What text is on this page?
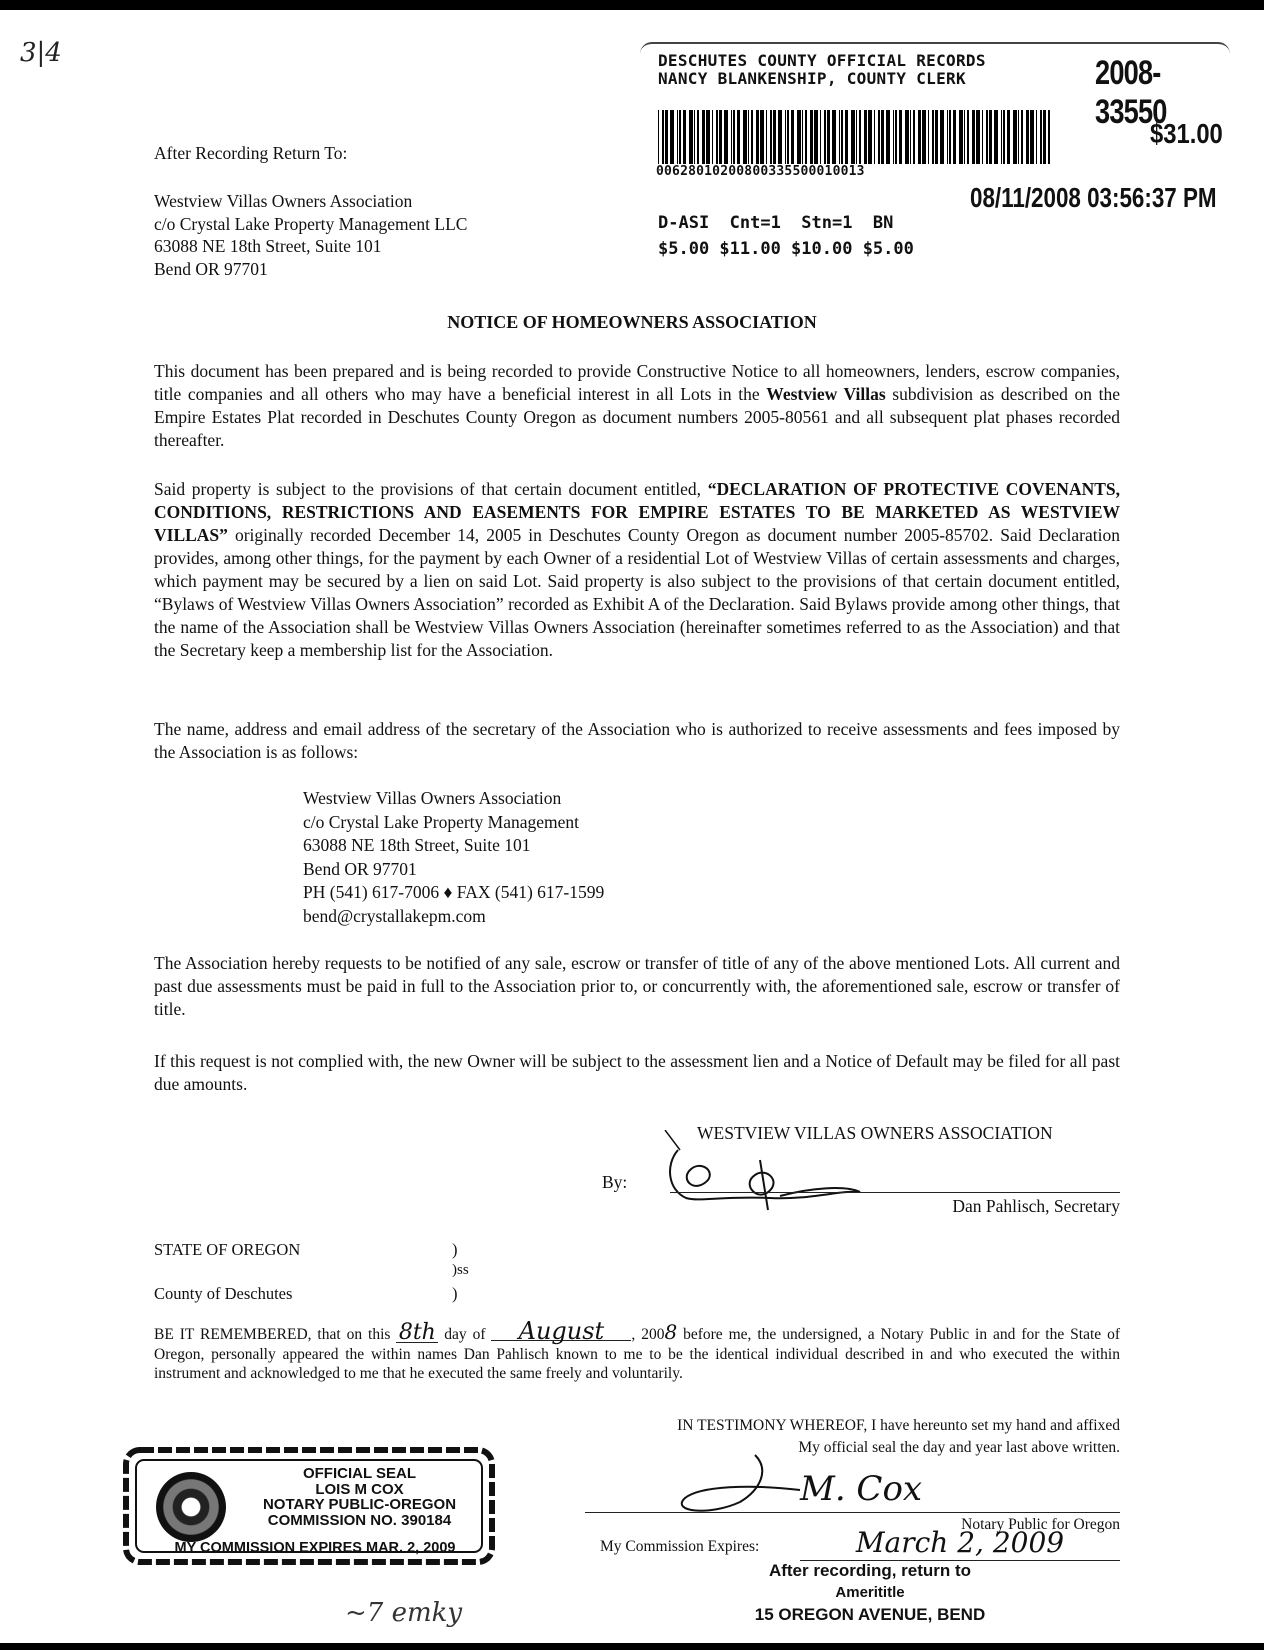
3|4	DESCHUTES COUNTY OFFICIAL RECORDS
NANCY BLANKENSHIP, COUNTY CLERK	2008-33550
00628010200800335500010013
$31.00
08/11/2008 03:56:37 PM
D-ASI  Cnt=1  Stn=1  BN
$5.00 $11.00 $10.00 $5.00
After Recording Return To:
Westview Villas Owners Association
c/o Crystal Lake Property Management LLC
63088 NE 18th Street, Suite 101
Bend OR 97701
NOTICE OF HOMEOWNERS ASSOCIATION
This document has been prepared and is being recorded to provide Constructive Notice to all homeowners, lenders, escrow companies, title companies and all others who may have a beneficial interest in all Lots in the Westview Villas subdivision as described on the Empire Estates Plat recorded in Deschutes County Oregon as document numbers 2005-80561 and all subsequent plat phases recorded thereafter.
Said property is subject to the provisions of that certain document entitled, “DECLARATION OF PROTECTIVE COVENANTS, CONDITIONS, RESTRICTIONS AND EASEMENTS FOR EMPIRE ESTATES TO BE MARKETED AS WESTVIEW VILLAS” originally recorded December 14, 2005 in Deschutes County Oregon as document number 2005-85702. Said Declaration provides, among other things, for the payment by each Owner of a residential Lot of Westview Villas of certain assessments and charges, which payment may be secured by a lien on said Lot. Said property is also subject to the provisions of that certain document entitled, “Bylaws of Westview Villas Owners Association” recorded as Exhibit A of the Declaration. Said Bylaws provide among other things, that the name of the Association shall be Westview Villas Owners Association (hereinafter sometimes referred to as the Association) and that the Secretary keep a membership list for the Association.
The name, address and email address of the secretary of the Association who is authorized to receive assessments and fees imposed by the Association is as follows:
Westview Villas Owners Association
c/o Crystal Lake Property Management
63088 NE 18th Street, Suite 101
Bend OR 97701
PH (541) 617-7006 ♦ FAX (541) 617-1599
bend@crystallakepm.com
The Association hereby requests to be notified of any sale, escrow or transfer of title of any of the above mentioned Lots. All current and past due assessments must be paid in full to the Association prior to, or concurrently with, the aforementioned sale, escrow or transfer of title.
If this request is not complied with, the new Owner will be subject to the assessment lien and a Notice of Default may be filed for all past due amounts.
WESTVIEW VILLAS OWNERS ASSOCIATION
By:
Dan Pahlisch, Secretary
STATE OF OREGON
County of Deschutes
)
)ss
)
BE IT REMEMBERED, that on this 8th day of August , 2008 before me, the undersigned, a Notary Public in and for the State of Oregon, personally appeared the within names Dan Pahlisch known to me to be the identical individual described in and who executed the within instrument and acknowledged to me that he executed the same freely and voluntarily.
IN TESTIMONY WHEREOF, I have hereunto set my hand and affixed
My official seal the day and year last above written.
M. Cox
Notary Public for Oregon
My Commission Expires:	March 2, 2009
After recording, return to
Amerititle
15 OREGON AVENUE, BEND
OFFICIAL SEAL
LOIS M COX
NOTARY PUBLIC-OREGON
COMMISSION NO. 390184
MY COMMISSION EXPIRES MAR. 2, 2009
~7 emky
